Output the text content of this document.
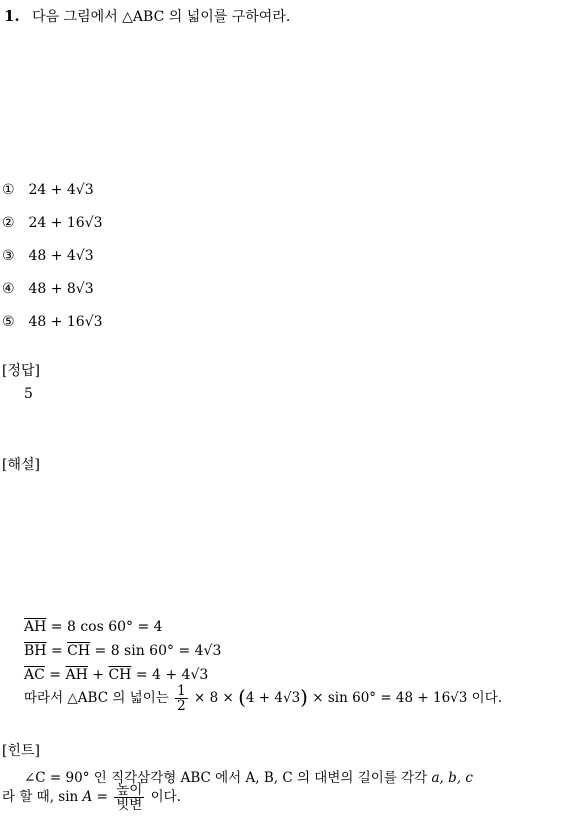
1. 다음 그림에서 △ABC 의 넓이를 구하여라.
① 24 + 4√3
② 24 + 16√3
③ 48 + 4√3
④ 48 + 8√3
⑤ 48 + 16√3
[정답]
5
[해설]
$\overline{AH} = 8$ cos 60° = 4
$\overline{BH} = \overline{CH} = 8$ sin 60° = 4√3
$\overline{AC} = \overline{AH} + \overline{CH} = 4 + 4√3$
따라서 △ABC 의 넓이는 $\frac{1}{2} \times 8 \times (4 + 4√3) \times \sin 60^\circ = 48 + 16√3$ 이다.
[힌트]
∠C = 90° 인 직각삼각형 ABC 에서 A, B, C 의 대변의 길이를 각각 a, b, c
라 할 때, $\sin A = \frac{\text{높이}}{\text{빗변}}$ 이다.
